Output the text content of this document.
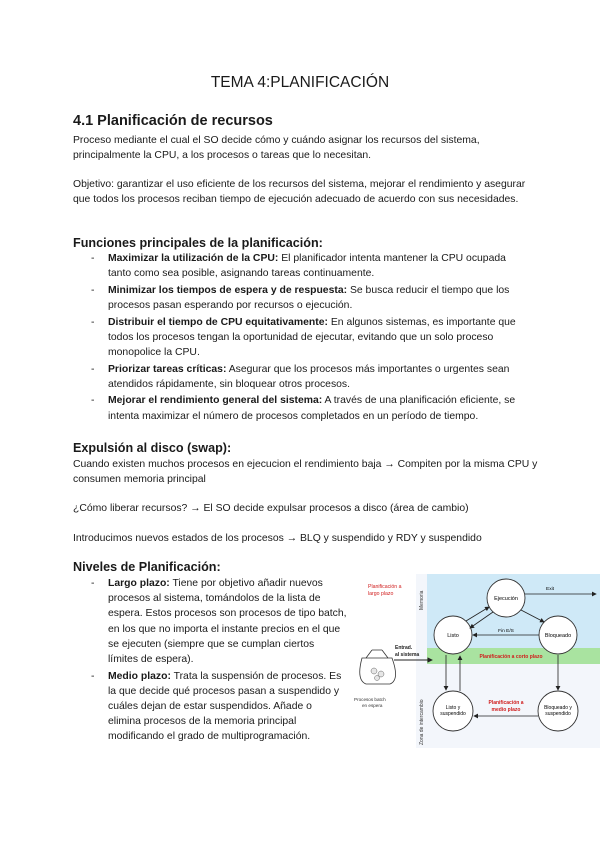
TEMA 4:PLANIFICACIÓN
4.1 Planificación de recursos

Proceso mediante el cual el SO decide cómo y cuándo asignar los recursos del sistema, principalmente la CPU, a los procesos o tareas que lo necesitan.

Objetivo: garantizar el uso eficiente de los recursos del sistema, mejorar el rendimiento y asegurar que todos los procesos reciban tiempo de ejecución adecuado de acuerdo con sus necesidades.

Funciones principales de la planificación:
- Maximizar la utilización de la CPU: El planificador intenta mantener la CPU ocupada tanto como sea posible, asignando tareas continuamente.
- Minimizar los tiempos de espera y de respuesta: Se busca reducir el tiempo que los procesos pasan esperando por recursos o ejecución.
- Distribuir el tiempo de CPU equitativamente: En algunos sistemas, es importante que todos los procesos tengan la oportunidad de ejecutar, evitando que un solo proceso monopolice la CPU.
- Priorizar tareas críticas: Asegurar que los procesos más importantes o urgentes sean atendidos rápidamente, sin bloquear otros procesos.
- Mejorar el rendimiento general del sistema: A través de una planificación eficiente, se intenta maximizar el número de procesos completados en un período de tiempo.
Expulsión al disco (swap):

Cuando existen muchos procesos en ejecucion el rendimiento baja → Compiten por la misma CPU y consumen memoria principal

¿Cómo liberar recursos? → El SO decide expulsar procesos a disco (área de cambio)

Introducimos nuevos estados de los procesos → BLQ y suspendido y RDY y suspendido

Niveles de Planificación:
- Largo plazo: Tiene por objetivo añadir nuevos procesos al sistema, tomándolos de la lista de espera. Estos procesos son procesos de tipo batch, en los que no importa el instante precios en el que se ejecuten (siempre que se cumplan ciertos límites de espera).
- Medio plazo: Trata la suspensión de procesos. Es la que decide qué procesos pasan a suspendido y cuáles dejan de estar suspendidos. Añade o elimina procesos de la memoria principal modificando el grado de multiprogramación.
Memoria
Zona de intercambio
Planificación a
largo plazo
Procesos batch
en espera
Entrad.
al sistema
Listo
Ejecución
Bloqueado
Listo y
suspendido
Bloqueado y
suspendido
Fin E/S
Exit
Planificación a corto plazo
Planificación a
medio plazo
